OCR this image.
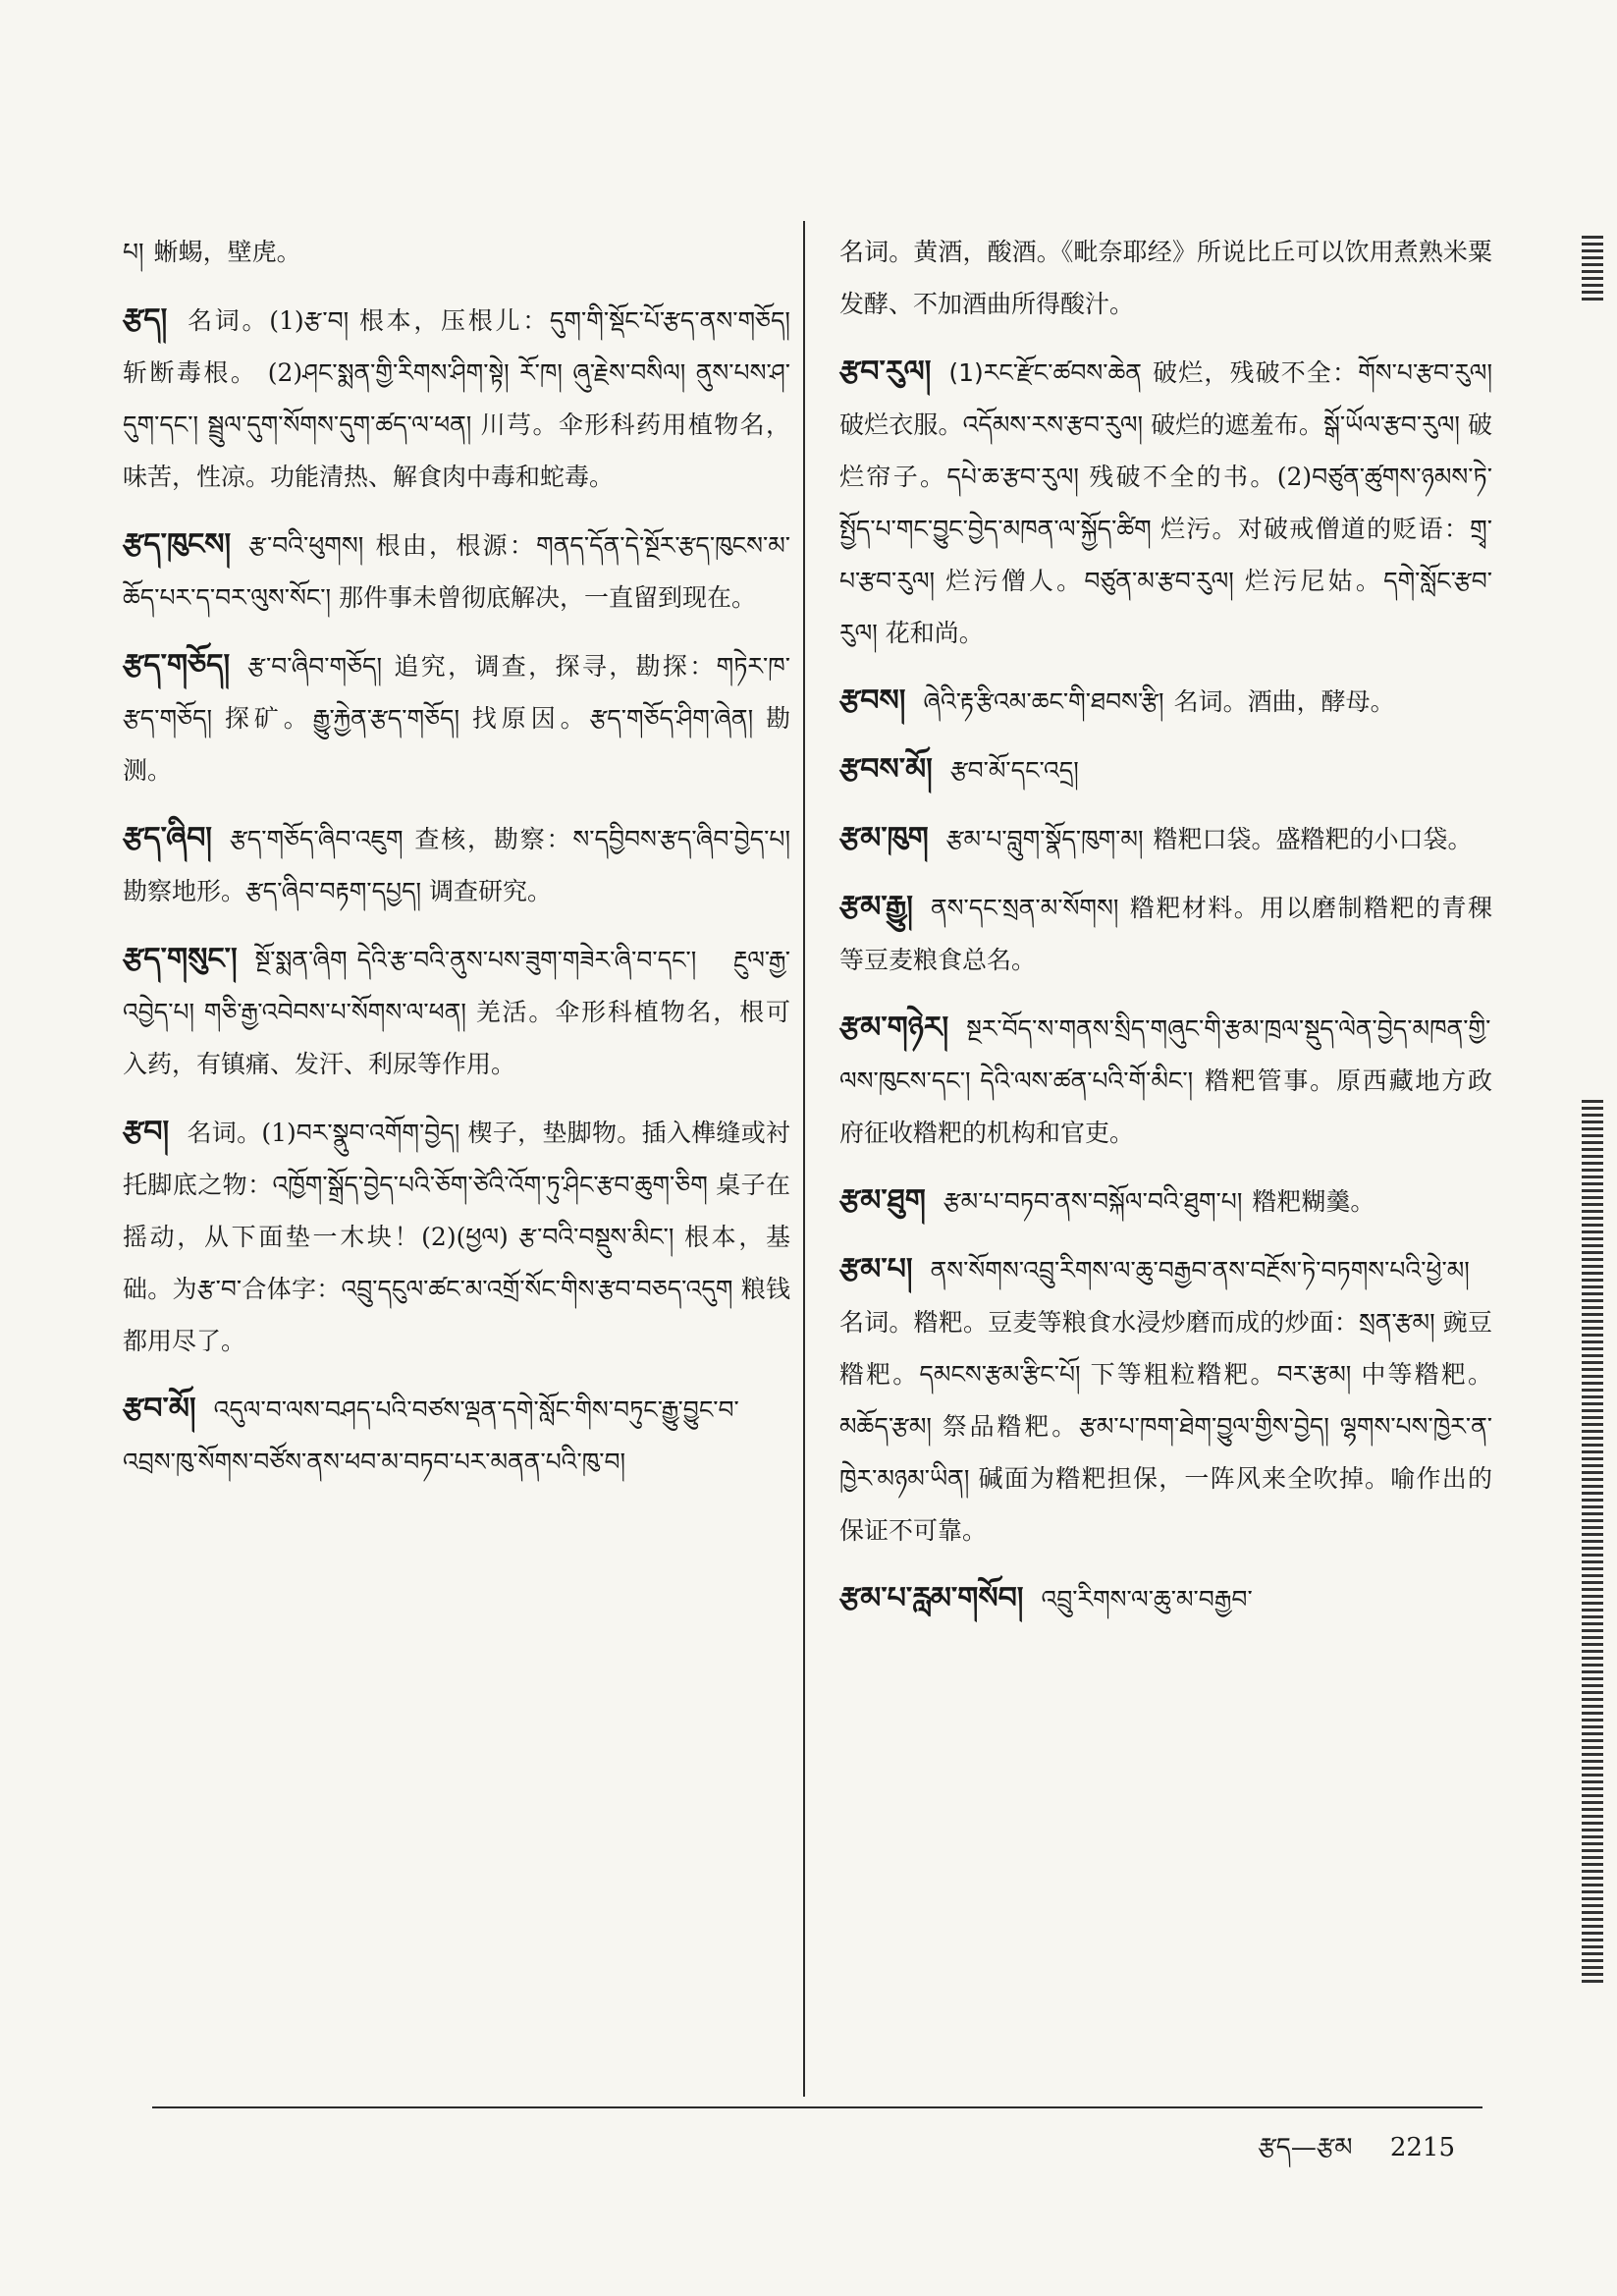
པ། 蜥蜴，壁虎。

རྩད། 名词。(1)རྩ་བ། 根本，压根儿：དུག་གི་སྡོང་པོ་རྩད་ནས་གཅོད། 斩断毒根。 (2)ཤང་སྨན་གྱི་རིགས་ཤིག་སྟེ། རོ་ཁ། ཞུ་རྗེས་བསིལ། ནུས་པས་ཤ་དུག་དང་། སྦྲུལ་དུག་སོགས་དུག་ཚད་ལ་ཕན། 川芎。伞形科药用植物名，味苦，性凉。功能清热、解食肉中毒和蛇毒。

རྩད་ཁུངས། རྩ་བའི་ཕུགས། 根由，根源：གནད་དོན་དེ་སྔོར་རྩད་ཁུངས་མ་ཆོད་པར་ད་བར་ལུས་སོང་། 那件事未曾彻底解决，一直留到现在。

རྩད་གཅོད། རྩ་བ་ཞིབ་གཅོད། 追究，调查，探寻，勘探：གཏེར་ཁ་རྩད་གཅོད། 探矿。རྒྱུ་རྐྱེན་རྩད་གཅོད། 找原因。རྩད་གཅོད་ཤིག་ཞེན། 勘测。

རྩད་ཞིབ། རྩད་གཅོད་ཞིབ་འཇུག 查核，勘察：ས་དབྱིབས་རྩད་ཞིབ་བྱེད་པ། 勘察地形。རྩད་ཞིབ་བརྟག་དཔྱད། 调查研究。

རྩད་གསུང་། སྔོ་སྨན་ཞིག དེའི་རྩ་བའི་ནུས་པས་ཟུག་གཟེར་ཞི་བ་དང་། རྔུལ་རྒྱ་འབྱེད་པ། གཅི་རྒྱ་འབེབས་པ་སོགས་ལ་ཕན། 羌活。伞形科植物名，根可入药，有镇痛、发汗、利尿等作用。

རྩབ། 名词。(1)བར་སྣུབ་འགོག་བྱེད། 楔子，垫脚物。插入榫缝或衬托脚底之物：འཁྱོག་སྒྲོད་བྱེད་པའི་ཅོག་ཙེའི་འོག་ཏུ་ཤིང་རྩབ་ཆུག་ཅིག 桌子在摇动，从下面垫一木块！(2)(ཕྱལ) རྩ་བའི་བསྡུས་མིང་། 根本，基础。为རྩ་བ་合体字：འབྲུ་དངུལ་ཚང་མ་འགྲོ་སོང་གིས་རྩབ་བཅད་འདུག 粮钱都用尽了。

རྩབ་མོ། འདུལ་བ་ལས་བཤད་པའི་བཙས་ལྡན་དགེ་སློང་གིས་བཏུང་རྒྱུ་བྱུང་བ་འབྲས་ཁུ་སོགས་བཙོས་ནས་ཕབ་མ་བཏབ་པར་མནན་པའི་ཁུ་བ།

名词。黄酒，酸酒。《毗奈耶经》所说比丘可以饮用煮熟米粟发酵、不加酒曲所得酸汁。

རྩབ་རུལ། (1)རང་རྫོང་ཚབས་ཆེན 破烂，残破不全：གོས་པ་རྩབ་རུལ། 破烂衣服。འདོམས་རས་རྩབ་རུལ། 破烂的遮羞布。སྒོ་ཡོལ་རྩབ་རུལ། 破烂帘子。དཔེ་ཆ་རྩབ་རུལ། 残破不全的书。(2)བཙུན་ཚུགས་ཉམས་ཏེ་སྤྱོད་པ་གང་བྱུང་བྱེད་མཁན་ལ་སྐྱོད་ཚིག 烂污。对破戒僧道的贬语：གྲྭ་པ་རྩབ་རུལ། 烂污僧人。བཙུན་མ་རྩབ་རུལ། 烂污尼姑。དགེ་སློང་རྩབ་རུལ། 花和尚。

རྩབས། ཞེའི་རྟ་རྩིའམ་ཆང་གི་ཐབས་རྩི། 名词。酒曲，酵母。

རྩབས་མོ། རྩབ་མོ་དང་འདྲ།

རྩམ་ཁུག རྩམ་པ་བླུག་སྣོད་ཁུག་མ། 糌粑口袋。盛糌粑的小口袋。

རྩམ་རྒྱུ། ནས་དང་སྲན་མ་སོགས། 糌粑材料。用以磨制糌粑的青稞等豆麦粮食总名。

རྩམ་གཉེར། སྔར་བོད་ས་གནས་སྲིད་གཞུང་གི་རྩམ་ཁྲལ་སྡུད་ལེན་བྱེད་མཁན་གྱི་ལས་ཁུངས་དང་། དེའི་ལས་ཚན་པའི་གོ་མིང་། 糌粑管事。原西藏地方政府征收糌粑的机构和官吏。

རྩམ་ཐུག རྩམ་པ་བཏབ་ནས་བསྐོལ་བའི་ཐུག་པ། 糌粑糊羹。

རྩམ་པ། ནས་སོགས་འབྲུ་རིགས་ལ་ཆུ་བརྒྱབ་ནས་བརྔོས་ཏེ་བཏགས་པའི་ཕྱེ་མ།名词。糌粑。豆麦等粮食水浸炒磨而成的炒面：སྲན་རྩམ། 豌豆糌粑。དམངས་རྩམ་རྩིང་པོ། 下等粗粒糌粑。བར་རྩམ། 中等糌粑。མཆོད་རྩམ། 祭品糌粑。རྩམ་པ་ཁག་ཐེག་བྱུལ་གྱིས་བྱེད། ལྷགས་པས་ཁྱེར་ན་ཁྱེར་མཉམ་ཡིན། 碱面为糌粑担保，一阵风来全吹掉。喻作出的保证不可靠。

རྩམ་པ་རླམ་གསོབ། འབྲུ་རིགས་ལ་ཆུ་མ་བརྒྱབ་

རྩད—རྩམ 2215
